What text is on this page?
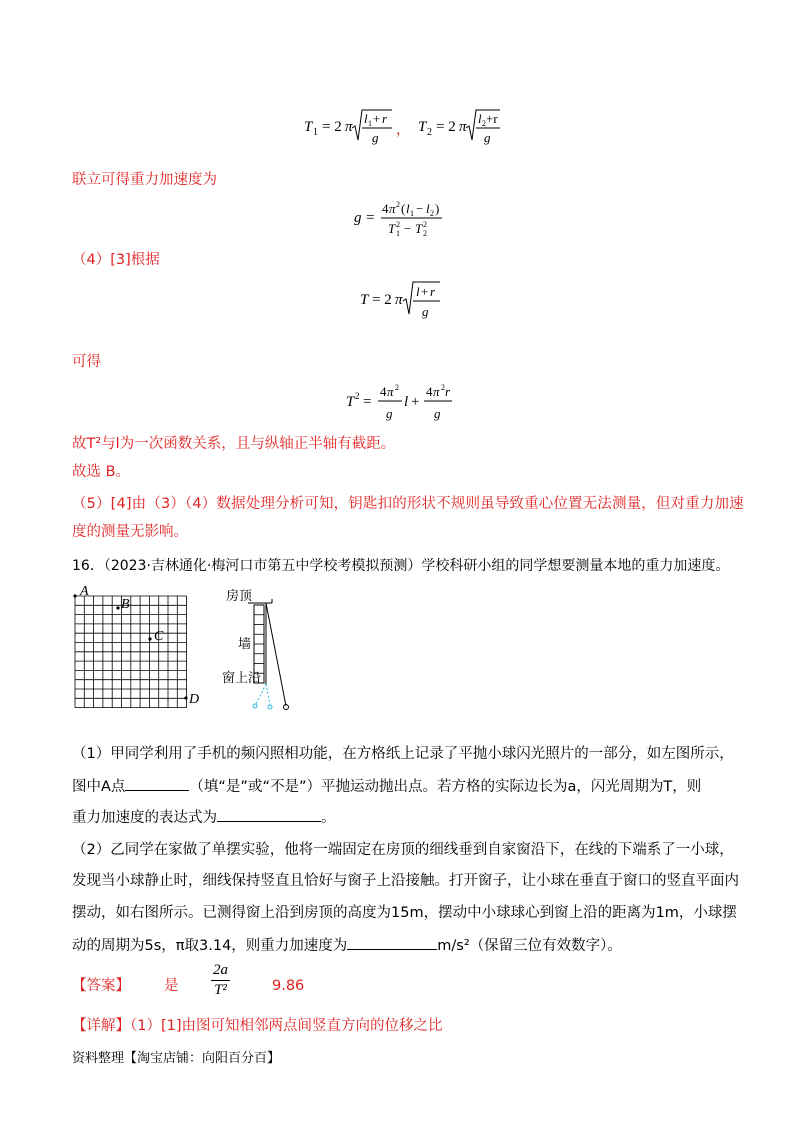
T 1 = 2 π
l 1 + r
g ， T 2 = 2 π
l 2 +r
g
联立可得重力加速度为
g =
4 π 2 ( l 1 − l 2 )
T 1
2 − T 2
2
（4）[3]根据
T = 2 π
l + r
g
可得
T 2 =
4 π 2
g
l +
4 π 2 r
g
故T²与l为一次函数关系，且与纵轴正半轴有截距。
故选 B。
（5）[4]由（3）（4）数据处理分析可知，钥匙扣的形状不规则虽导致重心位置无法测量，但对重力加速
度的测量无影响。
16．（2023·吉林通化·梅河口市第五中学校考模拟预测）学校科研小组的同学想要测量本地的重力加速度。
A
B
C
D
房顶
墙
窗上沿
（1）甲同学利用了手机的频闪照相功能，在方格纸上记录了平抛小球闪光照片的一部分，如左图所示，
图中A点	（填“是”或“不是”）平抛运动抛出点。若方格的实际边长为a，闪光周期为T，则
重力加速度的表达式为	。
（2）乙同学在家做了单摆实验，他将一端固定在房顶的细线垂到自家窗沿下，在线的下端系了一小球，
发现当小球静止时，细线保持竖直且恰好与窗子上沿接触。打开窗子，让小球在垂直于窗口的竖直平面内
摆动，如右图所示。已测得窗上沿到房顶的高度为15m，摆动中小球球心到窗上沿的距离为1m，小球摆
动的周期为5s，π取3.14，则重力加速度为	m/s²（保留三位有效数字）。
【答案】 是 $\frac{2a}{\text{T²}}$	9.86
【详解】（1）[1]由图可知相邻两点间竖直方向的位移之比
资料整理【淘宝店铺：向阳百分百】
